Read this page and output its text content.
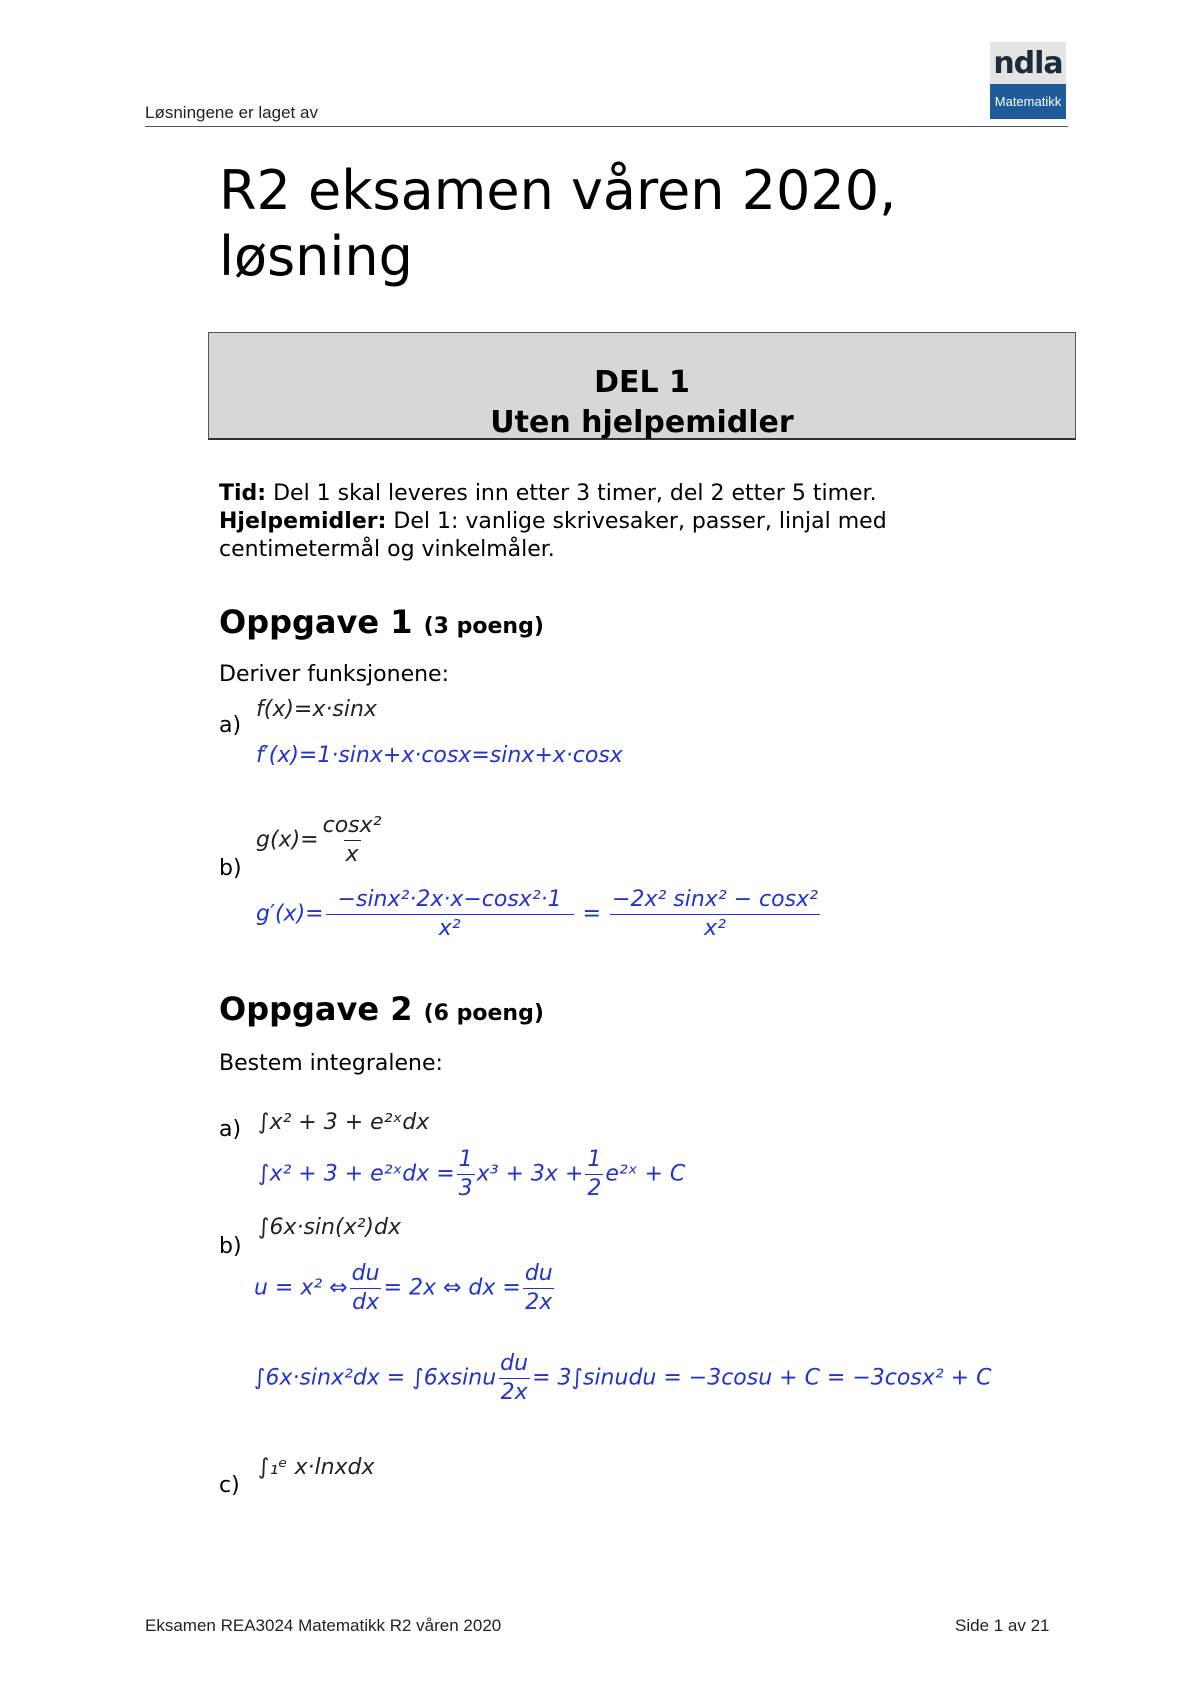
Løsningene er laget av
ndla
Matematikk
R2 eksamen våren 2020,
løsning
DEL 1
Uten hjelpemidler
Tid: Del 1 skal leveres inn etter 3 timer, del 2 etter 5 timer.
Hjelpemidler: Del 1: vanlige skrivesaker, passer, linjal med
centimetermål og vinkelmåler.
Oppgave 1 (3 poeng)
Deriver funksjonene:
a)
f(x)=x·sinx
f′(x)=1·sinx+x·cosx=sinx+x·cosx
b)
$g(x)= \frac{\text{cosx²}}{x}$
$g'(x)= \frac{\text{−sinx²·2x·x−cosx²·1}}{\text{x²}} = \frac{\text{−2x² sinx² − cosx²}}{\text{x²}}$
Oppgave 2 (6 poeng)
Bestem integralene:
a) ∫x² + 3 + e²ˣdx
∫x² + 3 + e²ˣdx = $\frac{1}{3} x^3 + 3x + \frac{1}{2}$ e²ˣ + C
b)
∫6x·sin(x²)dx
u = x² ⇔ $\frac{du}{dx} = 2x$ ⇔ dx = $\frac{du}{2x}$
$\int 6x\cdot\sin x^2dx = \int 6xsinu \frac{du}{2x}$ = 3∫sinudu = −3cosu + C = −3cosx² + C
c)
∫₁ᵉ x·lnxdx
Eksamen REA3024 Matematikk R2 våren 2020	Side 1 av 21
